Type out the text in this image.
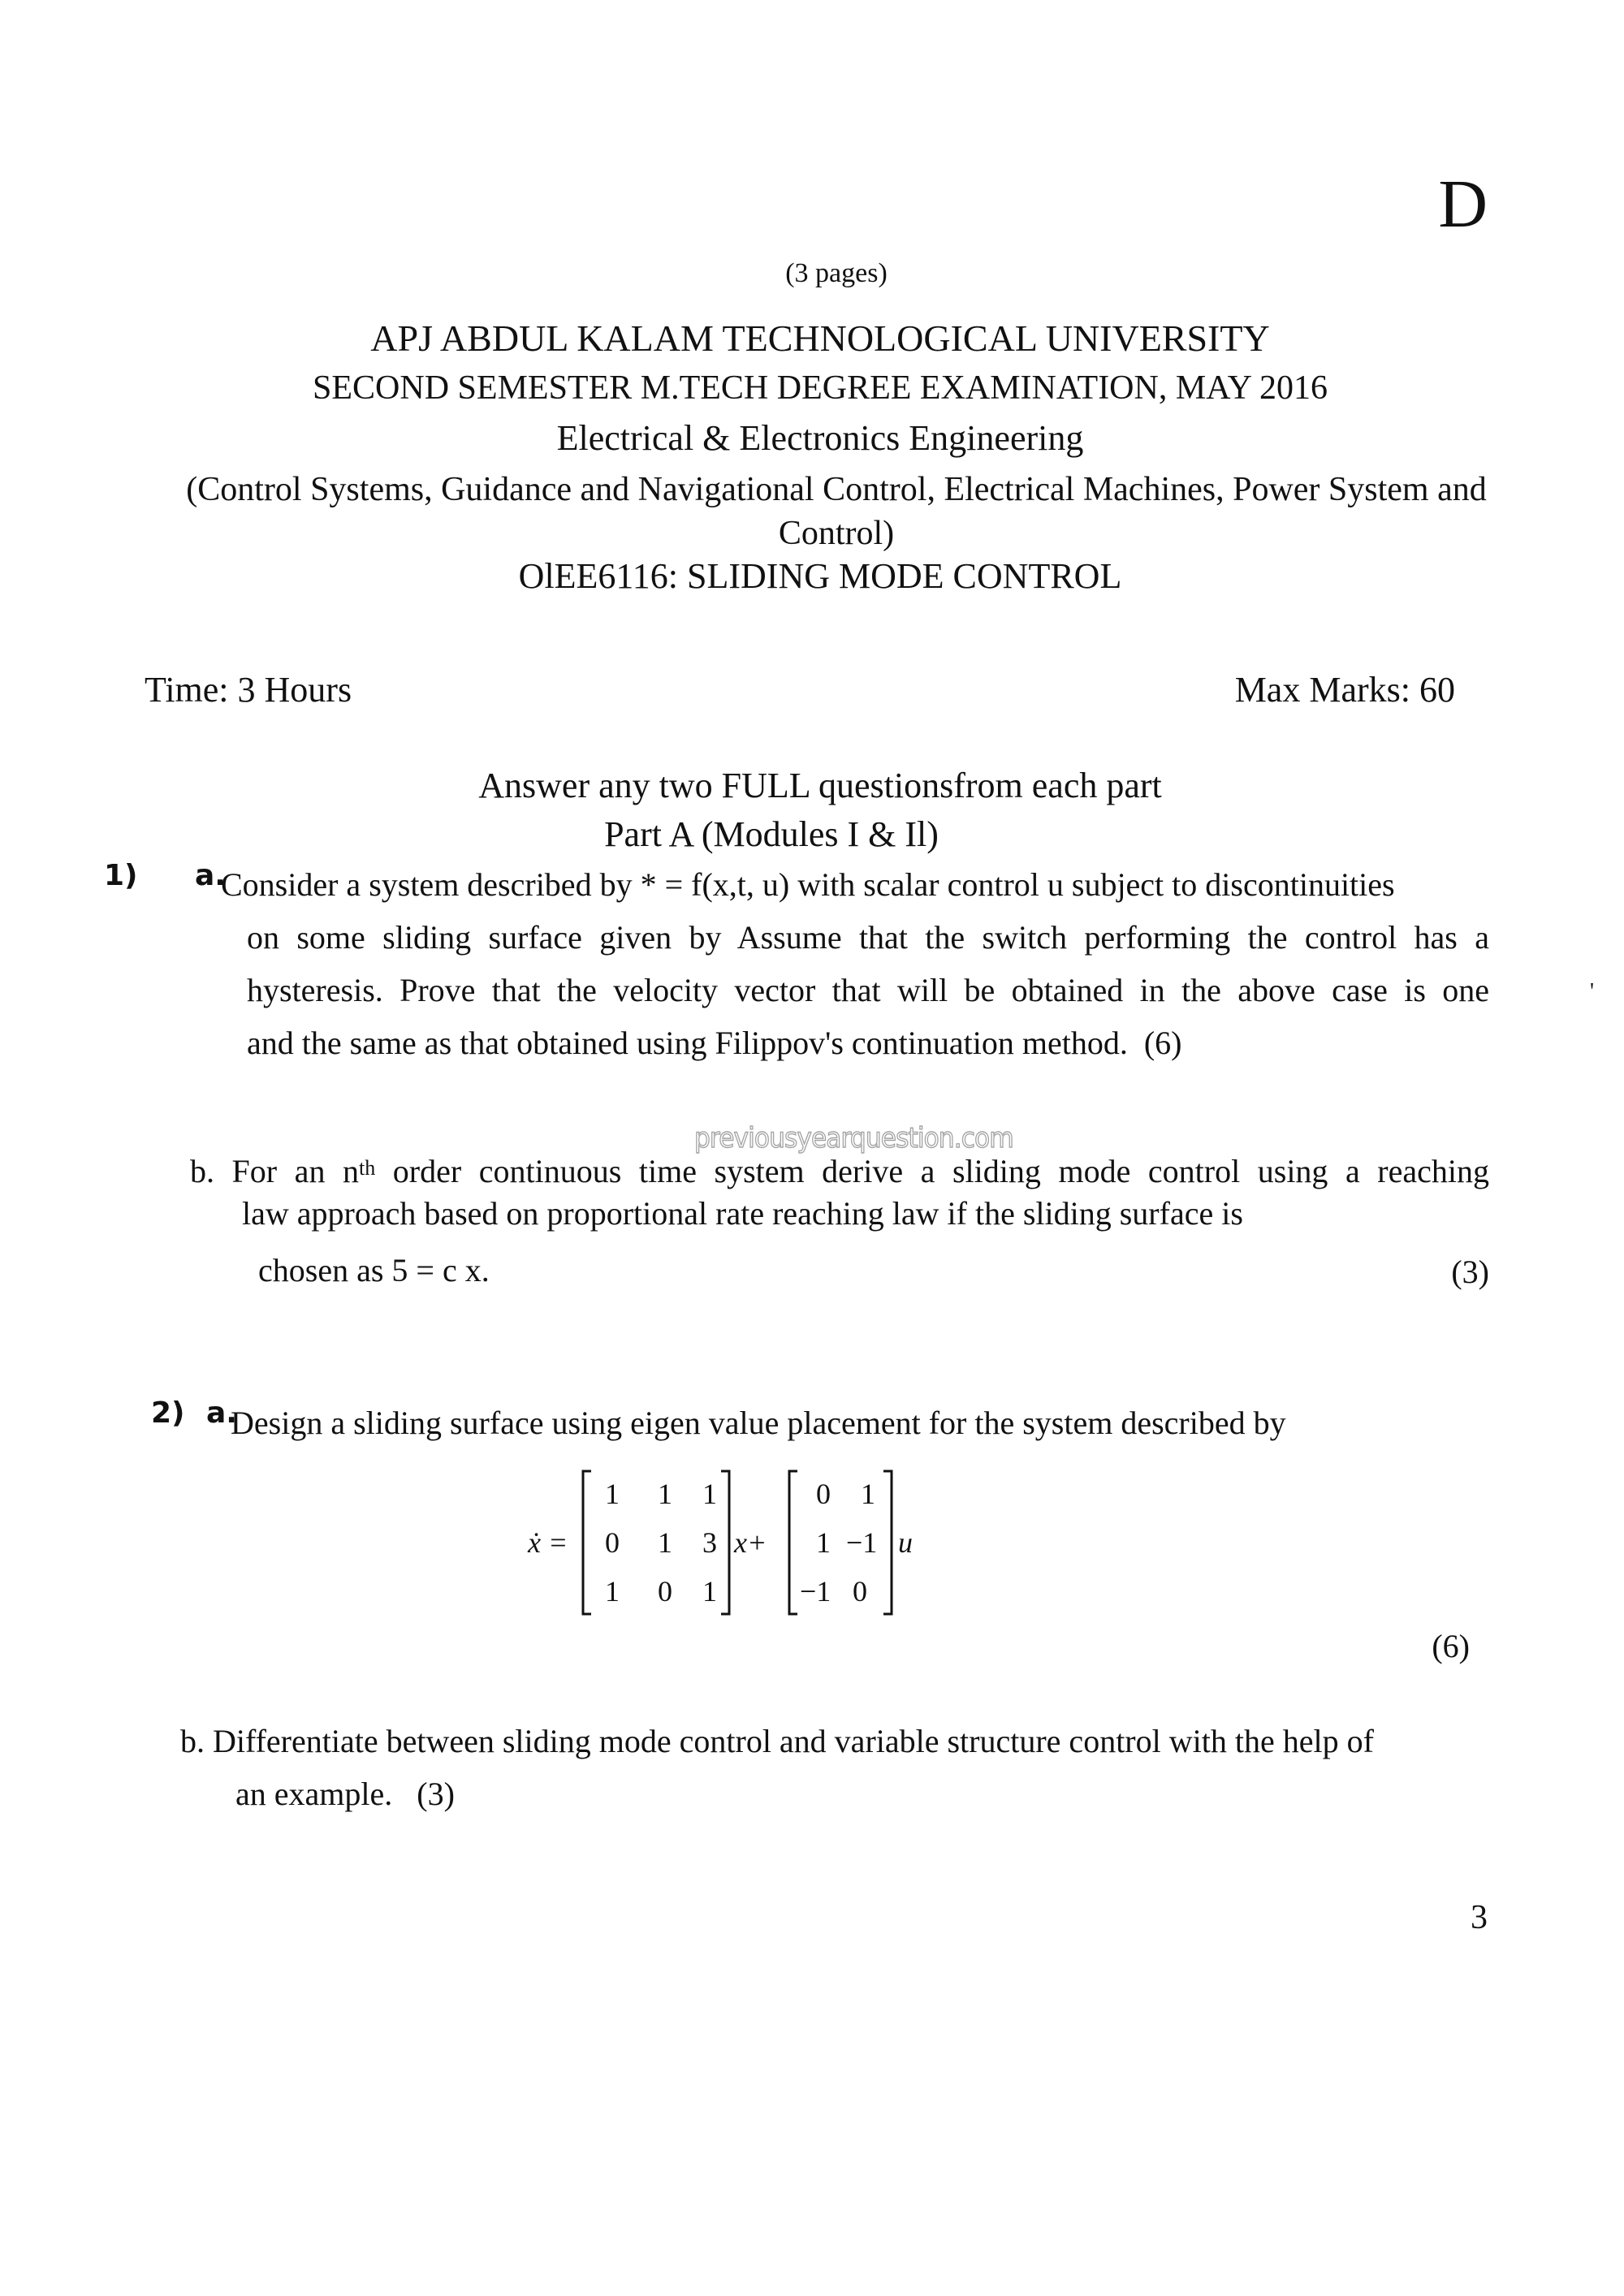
D
(3 pages)
APJ ABDUL KALAM TECHNOLOGICAL UNIVERSITY
SECOND SEMESTER M.TECH DEGREE EXAMINATION, MAY 2016
Electrical & Electronics Engineering
(Control Systems, Guidance and Navigational Control, Electrical Machines, Power System and Control)
OlEE6116: SLIDING MODE CONTROL
Time: 3 Hours	Max Marks: 60
Answer any two FULL questionsfrom each part
Part A (Modules I & Il)
1) a.
Consider a system described by * = f(x,t, u) with scalar control u subject to discontinuities
on some sliding surface given by Assume that the switch performing the control has a
hysteresis. Prove that the velocity vector that will be obtained in the above case is one
and the same as that obtained using Filippov's continuation method. (6)
'
previousyearquestion.com
b. For an $n^{th}$ order continuous time system derive a sliding mode control using a reaching
law approach based on proportional rate reaching law if the sliding surface is
chosen as 5 = c x.	(3)
2) a.
Design a sliding surface using eigen value placement for the system described by
ẋ =
1 1 1
0 1 3
1 0 1
x+
0 1
1 −1
−1 0
u
(6)
b. Differentiate between sliding mode control and variable structure control with the help of
an example. (3)
3
